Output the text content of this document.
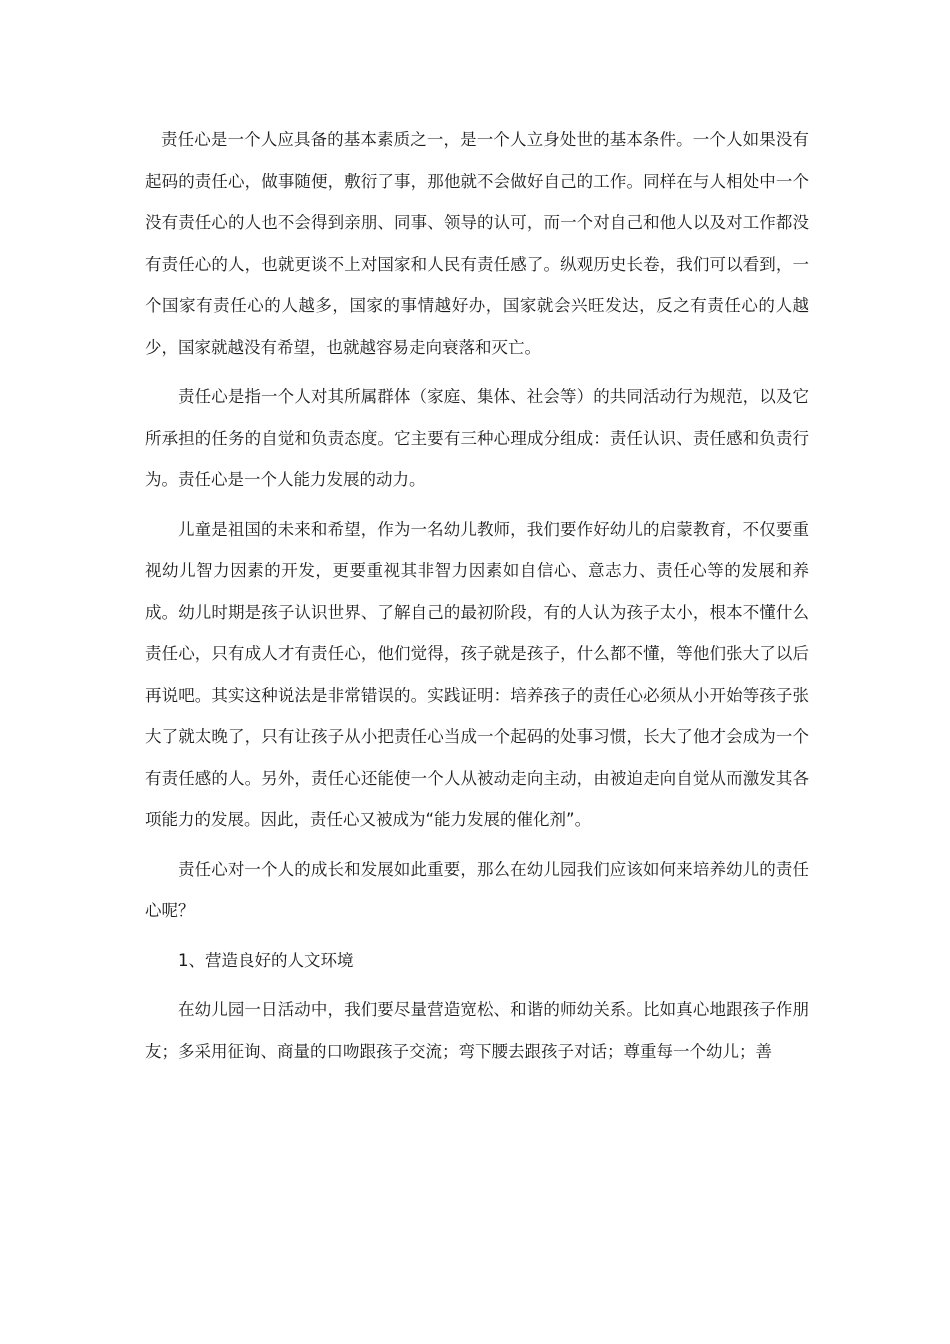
责任心是一个人应具备的基本素质之一，是一个人立身处世的基本条件。一个人如果没有起码的责任心，做事随便，敷衍了事，那他就不会做好自己的工作。同样在与人相处中一个没有责任心的人也不会得到亲朋、同事、领导的认可，而一个对自己和他人以及对工作都没有责任心的人，也就更谈不上对国家和人民有责任感了。纵观历史长卷，我们可以看到，一个国家有责任心的人越多，国家的事情越好办，国家就会兴旺发达，反之有责任心的人越少，国家就越没有希望，也就越容易走向衰落和灭亡。

责任心是指一个人对其所属群体（家庭、集体、社会等）的共同活动行为规范，以及它所承担的任务的自觉和负责态度。它主要有三种心理成分组成：责任认识、责任感和负责行为。责任心是一个人能力发展的动力。

儿童是祖国的未来和希望，作为一名幼儿教师，我们要作好幼儿的启蒙教育，不仅要重视幼儿智力因素的开发，更要重视其非智力因素如自信心、意志力、责任心等的发展和养成。幼儿时期是孩子认识世界、了解自己的最初阶段，有的人认为孩子太小，根本不懂什么责任心，只有成人才有责任心，他们觉得，孩子就是孩子，什么都不懂，等他们张大了以后再说吧。其实这种说法是非常错误的。实践证明：培养孩子的责任心必须从小开始等孩子张大了就太晚了，只有让孩子从小把责任心当成一个起码的处事习惯，长大了他才会成为一个有责任感的人。另外，责任心还能使一个人从被动走向主动，由被迫走向自觉从而激发其各项能力的发展。因此，责任心又被成为“能力发展的催化剂”。

责任心对一个人的成长和发展如此重要，那么在幼儿园我们应该如何来培养幼儿的责任心呢？

1、营造良好的人文环境

在幼儿园一日活动中，我们要尽量营造宽松、和谐的师幼关系。比如真心地跟孩子作朋友；多采用征询、商量的口吻跟孩子交流；弯下腰去跟孩子对话；尊重每一个幼儿；善
